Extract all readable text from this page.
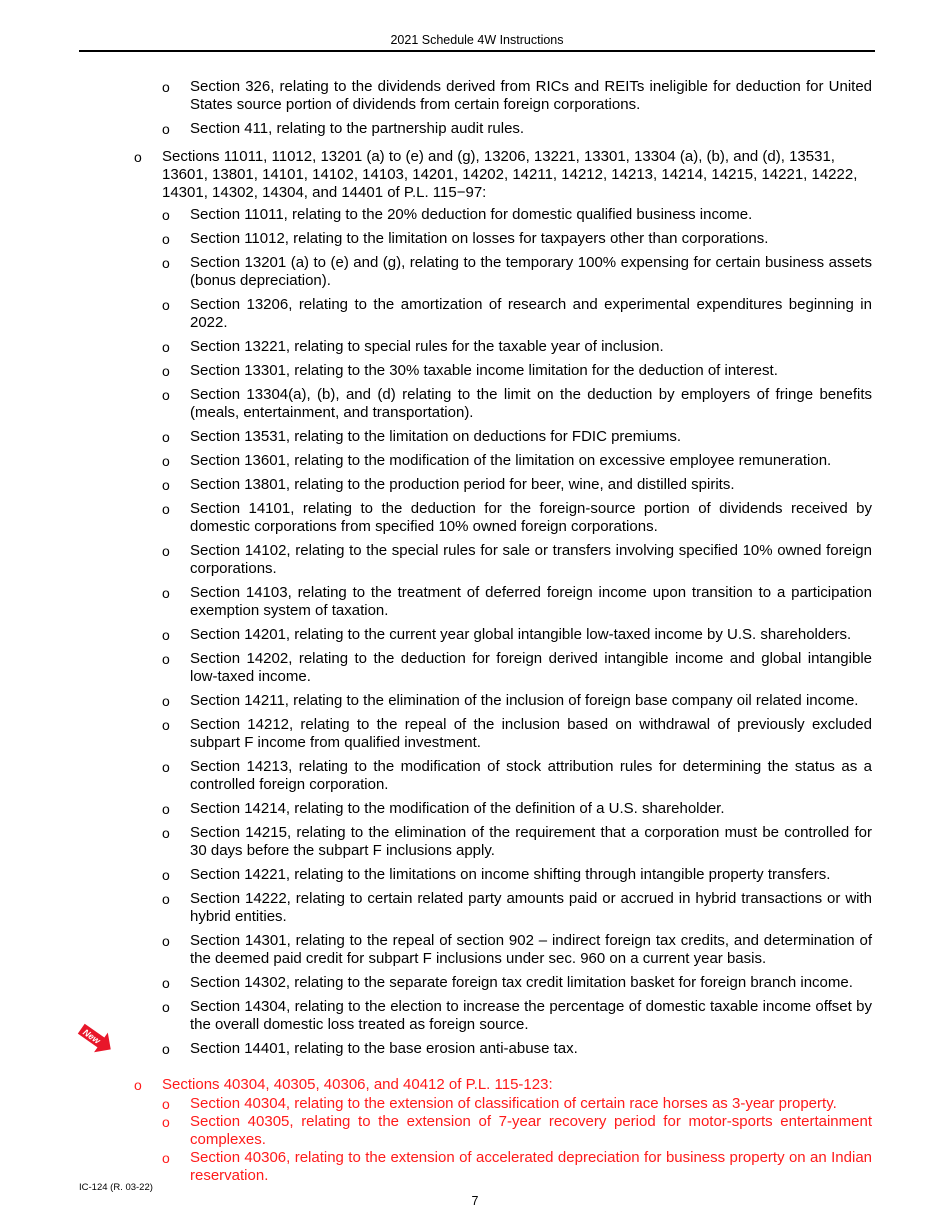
2021 Schedule 4W Instructions
o Section 326, relating to the dividends derived from RICs and REITs ineligible for deduction for United States source portion of dividends from certain foreign corporations.
o Section 411, relating to the partnership audit rules.
o Sections 11011, 11012, 13201 (a) to (e) and (g), 13206, 13221, 13301, 13304 (a), (b), and (d), 13531, 13601, 13801, 14101, 14102, 14103, 14201, 14202, 14211, 14212, 14213, 14214, 14215, 14221, 14222, 14301, 14302, 14304, and 14401 of P.L. 115−97:
o Section 11011, relating to the 20% deduction for domestic qualified business income.
o Section 11012, relating to the limitation on losses for taxpayers other than corporations.
o Section 13201 (a) to (e) and (g), relating to the temporary 100% expensing for certain business assets (bonus depreciation).
o Section 13206, relating to the amortization of research and experimental expenditures beginning in 2022.
o Section 13221, relating to special rules for the taxable year of inclusion.
o Section 13301, relating to the 30% taxable income limitation for the deduction of interest.
o Section 13304(a), (b), and (d) relating to the limit on the deduction by employers of fringe benefits (meals, entertainment, and transportation).
o Section 13531, relating to the limitation on deductions for FDIC premiums.
o Section 13601, relating to the modification of the limitation on excessive employee remuneration.
o Section 13801, relating to the production period for beer, wine, and distilled spirits.
o Section 14101, relating to the deduction for the foreign-source portion of dividends received by domestic corporations from specified 10% owned foreign corporations.
o Section 14102, relating to the special rules for sale or transfers involving specified 10% owned foreign corporations.
o Section 14103, relating to the treatment of deferred foreign income upon transition to a participation exemption system of taxation.
o Section 14201, relating to the current year global intangible low-taxed income by U.S. shareholders.
o Section 14202, relating to the deduction for foreign derived intangible income and global intangible low-taxed income.
o Section 14211, relating to the elimination of the inclusion of foreign base company oil related income.
o Section 14212, relating to the repeal of the inclusion based on withdrawal of previously excluded subpart F income from qualified investment.
o Section 14213, relating to the modification of stock attribution rules for determining the status as a controlled foreign corporation.
o Section 14214, relating to the modification of the definition of a U.S. shareholder.
o Section 14215, relating to the elimination of the requirement that a corporation must be controlled for 30 days before the subpart F inclusions apply.
o Section 14221, relating to the limitations on income shifting through intangible property transfers.
o Section 14222, relating to certain related party amounts paid or accrued in hybrid transactions or with hybrid entities.
o Section 14301, relating to the repeal of section 902 – indirect foreign tax credits, and determination of the deemed paid credit for subpart F inclusions under sec. 960 on a current year basis.
o Section 14302, relating to the separate foreign tax credit limitation basket for foreign branch income.
o Section 14304, relating to the election to increase the percentage of domestic taxable income offset by the overall domestic loss treated as foreign source.
o Section 14401, relating to the base erosion anti-abuse tax.
o Sections 40304, 40305, 40306, and 40412 of P.L. 115-123:
o Section 40304, relating to the extension of classification of certain race horses as 3-year property.
o Section 40305, relating to the extension of 7-year recovery period for motor-sports entertainment complexes.
o Section 40306, relating to the extension of accelerated depreciation for business property on an Indian reservation.
New
IC-124 (R. 03-22)
7
